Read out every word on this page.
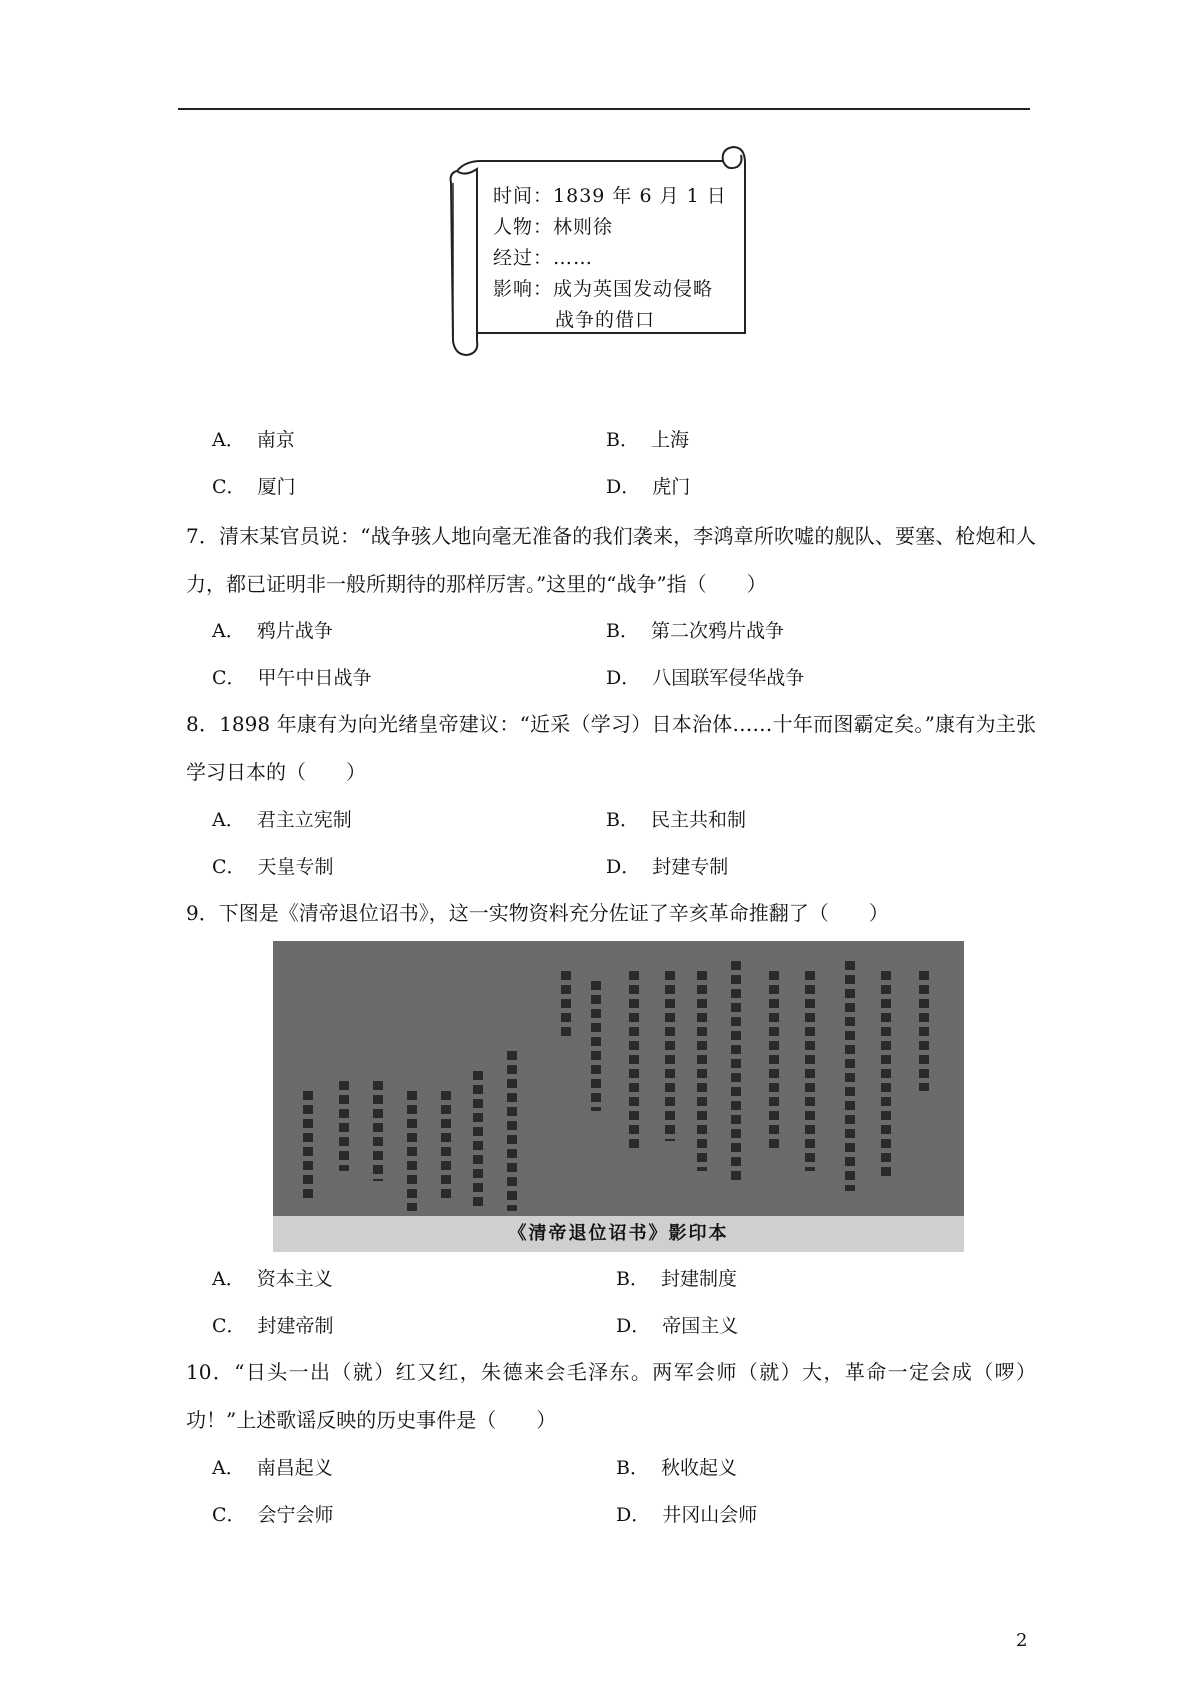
时间 ： 1839 年 6 月 1 日
人物 ： 林则徐
经过 ： ……
影响 ： 成为英国发动侵略
战争的借口
A． 南京	B． 上海
C． 厦门	D． 虎门
7．清末某官员说：“战争骇人地向毫无准备的我们袭来，李鸿章所吹嘘的舰队、要塞、枪炮和人力，都已证明非一般所期待的那样厉害。”这里的“战争”指（　　）
A． 鸦片战争	B． 第二次鸦片战争
C． 甲午中日战争	D． 八国联军侵华战争
8．1898 年康有为向光绪皇帝建议：“近采（学习）日本治体……十年而图霸定矣。”康有为主张学习日本的（　　）
A． 君主立宪制	B． 民主共和制
C． 天皇专制	D． 封建专制
9．下图是《清帝退位诏书》，这一实物资料充分佐证了辛亥革命推翻了（　　）
《清帝退位诏书》影印本
A． 资本主义	B． 封建制度
C． 封建帝制	D． 帝国主义
10．“日头一出（就）红又红，朱德来会毛泽东。两军会师（就）大，革命一定会成（啰）功！”上述歌谣反映的历史事件是（　　）
A． 南昌起义	B． 秋收起义
C． 会宁会师	D． 井冈山会师
2
